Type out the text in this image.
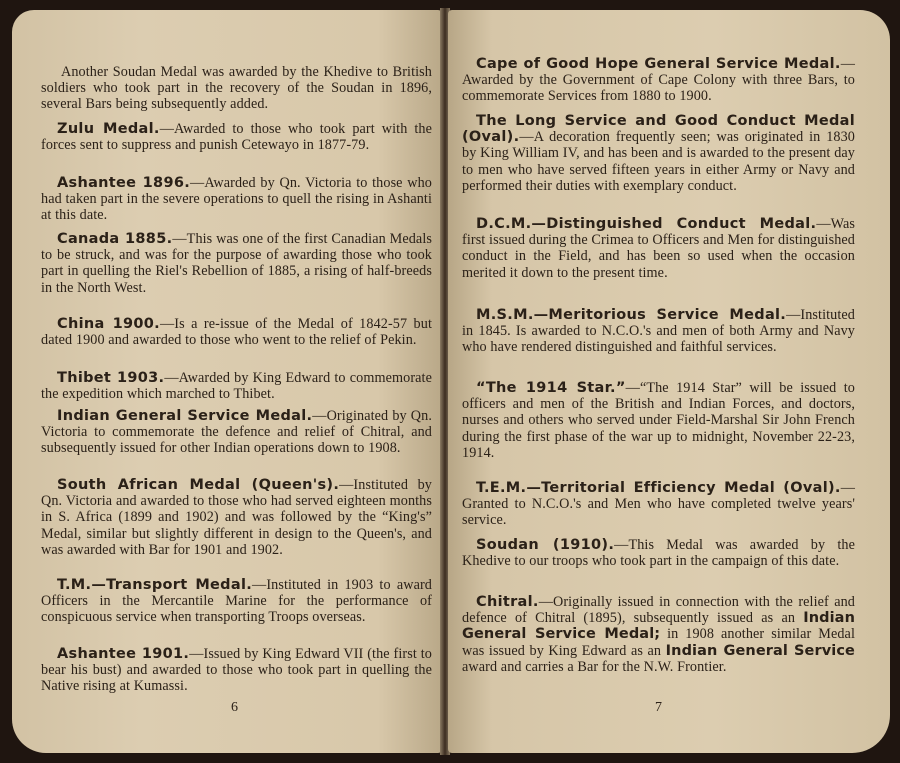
Another Soudan Medal was awarded by the Khedive to British soldiers who took part in the recovery of the Soudan in 1896, several Bars being subsequently added.
Zulu Medal.—Awarded to those who took part with the forces sent to suppress and punish Cetewayo in 1877-79.
Ashantee 1896.—Awarded by Qn. Victoria to those who had taken part in the severe operations to quell the rising in Ashanti at this date.
Canada 1885.—This was one of the first Canadian Medals to be struck, and was for the purpose of awarding those who took part in quelling the Riel's Rebellion of 1885, a rising of half-breeds in the North West.
China 1900.—Is a re-issue of the Medal of 1842-57 but dated 1900 and awarded to those who went to the relief of Pekin.
Thibet 1903.—Awarded by King Edward to commemorate the expedition which marched to Thibet.
Indian General Service Medal.—Originated by Qn. Victoria to commemorate the defence and relief of Chitral, and subsequently issued for other Indian operations down to 1908.
South African Medal (Queen's).—Instituted by Qn. Victoria and awarded to those who had served eighteen months in S. Africa (1899 and 1902) and was followed by the “King's” Medal, similar but slightly different in design to the Queen's, and was awarded with Bar for 1901 and 1902.
T.M.—Transport Medal.—Instituted in 1903 to award Officers in the Mercantile Marine for the performance of conspicuous service when transporting Troops overseas.
Ashantee 1901.—Issued by King Edward VII (the first to bear his bust) and awarded to those who took part in quelling the Native rising at Kumassi.
6
Cape of Good Hope General Service Medal.—Awarded by the Government of Cape Colony with three Bars, to commemorate Services from 1880 to 1900.
The Long Service and Good Conduct Medal (Oval).—A decoration frequently seen; was originated in 1830 by King William IV, and has been and is awarded to the present day to men who have served fifteen years in either Army or Navy and performed their duties with exemplary conduct.
D.C.M.—Distinguished Conduct Medal.—Was first issued during the Crimea to Officers and Men for distinguished conduct in the Field, and has been so used when the occasion merited it down to the present time.
M.S.M.—Meritorious Service Medal.—Instituted in 1845. Is awarded to N.C.O.'s and men of both Army and Navy who have rendered distinguished and faithful services.
“The 1914 Star.”—“The 1914 Star” will be issued to officers and men of the British and Indian Forces, and doctors, nurses and others who served under Field-Marshal Sir John French during the first phase of the war up to midnight, November 22-23, 1914.
T.E.M.—Territorial Efficiency Medal (Oval).—Granted to N.C.O.'s and Men who have completed twelve years' service.
Soudan (1910).—This Medal was awarded by the Khedive to our troops who took part in the campaign of this date.
Chitral.—Originally issued in connection with the relief and defence of Chitral (1895), subsequently issued as an Indian General Service Medal; in 1908 another similar Medal was issued by King Edward as an Indian General Service award and carries a Bar for the N.W. Frontier.
7
